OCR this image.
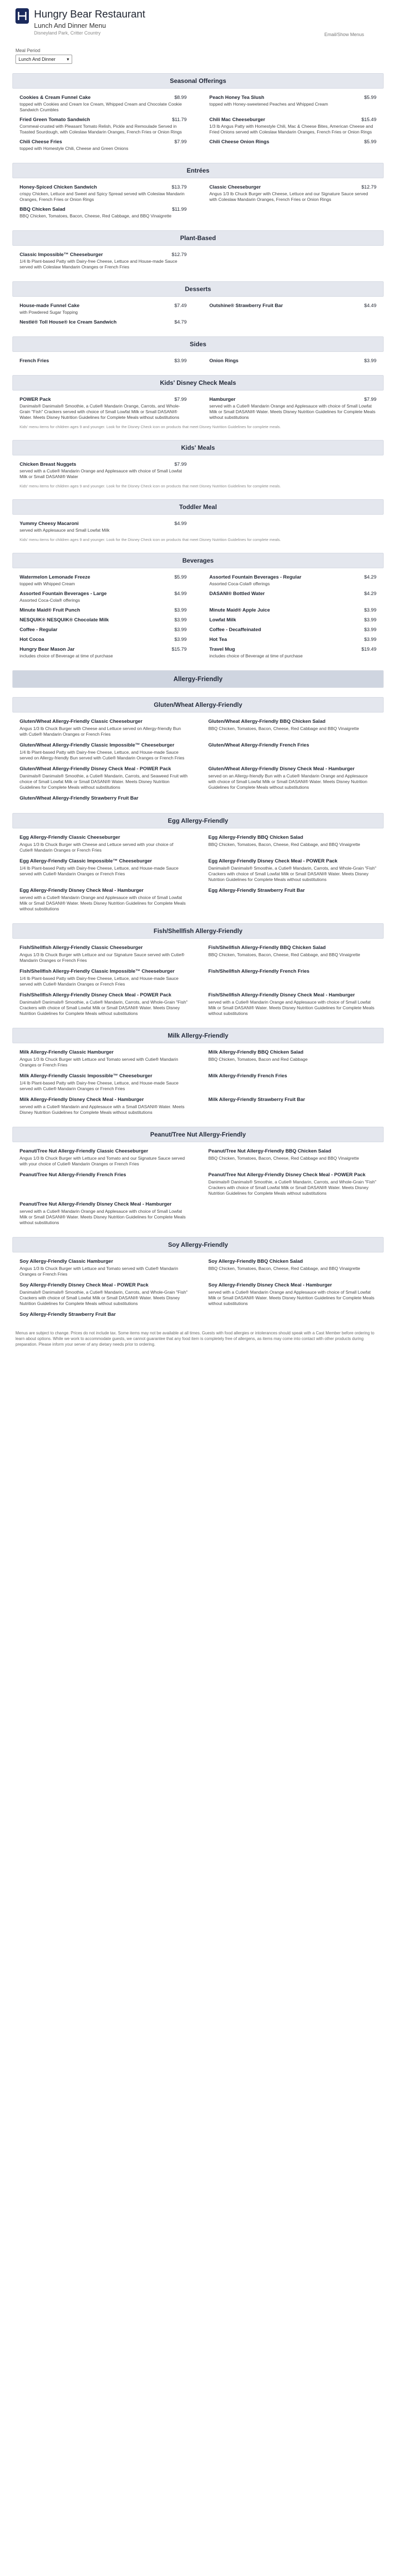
Hungry Bear Restaurant
Lunch And Dinner Menu
Disneyland Park, Critter Country	Email/Show Menus
Meal Period
Lunch And Dinner ▾
Seasonal Offerings
Cookies & Cream Funnel Cake	$8.99
topped with Cookies and Cream Ice Cream, Whipped Cream and Chocolate Cookie Sandwich Crumbles
Peach Honey Tea Slush	$5.99
topped with Honey-sweetened Peaches and Whipped Cream
Fried Green Tomato Sandwich	$11.79
Cornmeal-crusted with Pleasant Tomato Relish, Pickle and Remoulade Served in Toasted Sourdough, with Coleslaw Mandarin Oranges, French Fries or Onion Rings
Chili Mac Cheeseburger	$15.49
1/3 lb Angus Patty with Homestyle Chili, Mac & Cheese Bites, American Cheese and Fried Onions served with Coleslaw Mandarin Oranges, French Fries or Onion Rings
Chili Cheese Fries	$7.99
topped with Homestyle Chili, Cheese and Green Onions
Chili Cheese Onion Rings	$5.99
Entrées
Honey-Spiced Chicken Sandwich	$13.79
crispy Chicken, Lettuce and Sweet and Spicy Spread served with Coleslaw Mandarin Oranges, French Fries or Onion Rings
Classic Cheeseburger	$12.79
Angus 1/3 lb Chuck Burger with Cheese, Lettuce and our Signature Sauce served with Coleslaw Mandarin Oranges, French Fries or Onion Rings
BBQ Chicken Salad	$11.99
BBQ Chicken, Tomatoes, Bacon, Cheese, Red Cabbage, and BBQ Vinaigrette
Plant-Based
Classic Impossible™ Cheeseburger	$12.79
1/4 lb Plant-based Patty with Dairy-free Cheese, Lettuce and House-made Sauce served with Coleslaw Mandarin Oranges or French Fries
Desserts
House-made Funnel Cake	$7.49
with Powdered Sugar Topping
Outshine® Strawberry Fruit Bar	$4.49
Nestlé® Toll House® Ice Cream Sandwich	$4.79
Sides
French Fries	$3.99	Onion Rings	$3.99
Kids' Disney Check Meals
POWER Pack	$7.99
Danimals® Danimals® Smoothie, a Cutie® Mandarin Orange, Carrots, and Whole-Grain "Fish" Crackers served with choice of Small Lowfat Milk or Small DASANI® Water. Meets Disney Nutrition Guidelines for Complete Meals without substitutions
Hamburger	$7.99
served with a Cutie® Mandarin Orange and Applesauce with choice of Small Lowfat Milk or Small DASANI® Water. Meets Disney Nutrition Guidelines for Complete Meals without substitutions
Kids' menu items for children ages 9 and younger. Look for the Disney Check icon on products that meet Disney Nutrition Guidelines for complete meals.
Kids' Meals
Chicken Breast Nuggets	$7.99
served with a Cutie® Mandarin Orange and Applesauce with choice of Small Lowfat Milk or Small DASANI® Water
Kids' menu items for children ages 9 and younger. Look for the Disney Check icon on products that meet Disney Nutrition Guidelines for complete meals.
Toddler Meal
Yummy Cheesy Macaroni	$4.99
served with Applesauce and Small Lowfat Milk
Kids' menu items for children ages 9 and younger. Look for the Disney Check icon on products that meet Disney Nutrition Guidelines for complete meals.
Beverages
Watermelon Lemonade Freeze	$5.99
topped with Whipped Cream
Assorted Fountain Beverages - Regular	$4.29
Assorted Coca-Cola® offerings
Assorted Fountain Beverages - Large	$4.99
Assorted Coca-Cola® offerings
DASANI® Bottled Water	$4.29
Minute Maid® Fruit Punch	$3.99	Minute Maid® Apple Juice	$3.99
NESQUIK® NESQUIK® Chocolate Milk	$3.99	Lowfat Milk	$3.99
Coffee - Regular	$3.99	Coffee - Decaffeinated	$3.99
Hot Cocoa	$3.99	Hot Tea	$3.99
Hungry Bear Mason Jar	$15.79
includes choice of Beverage at time of purchase
Travel Mug	$19.49
includes choice of Beverage at time of purchase
Allergy-Friendly
Gluten/Wheat Allergy-Friendly
Gluten/Wheat Allergy-Friendly Classic Cheeseburger
Angus 1/3 lb Chuck Burger with Cheese and Lettuce served on Allergy-friendly Bun with Cutie® Mandarin Oranges or French Fries
Gluten/Wheat Allergy-Friendly BBQ Chicken Salad
BBQ Chicken, Tomatoes, Bacon, Cheese, Red Cabbage and BBQ Vinaigrette
Gluten/Wheat Allergy-Friendly Classic Impossible™ Cheeseburger
1/4 lb Plant-based Patty with Dairy-free Cheese, Lettuce, and House-made Sauce served on Allergy-friendly Bun served with Cutie® Mandarin Oranges or French Fries
Gluten/Wheat Allergy-Friendly French Fries
Gluten/Wheat Allergy-Friendly Disney Check Meal - POWER Pack
Danimals® Danimals® Smoothie, a Cutie® Mandarin, Carrots, and Seaweed Fruit with choice of Small Lowfat Milk or Small DASANI® Water. Meets Disney Nutrition Guidelines for Complete Meals without substitutions
Gluten/Wheat Allergy-Friendly Disney Check Meal - Hamburger
served on an Allergy-friendly Bun with a Cutie® Mandarin Orange and Applesauce with choice of Small Lowfat Milk or Small DASANI® Water. Meets Disney Nutrition Guidelines for Complete Meals without substitutions
Gluten/Wheat Allergy-Friendly Strawberry Fruit Bar
Egg Allergy-Friendly
Egg Allergy-Friendly Classic Cheeseburger
Angus 1/3 lb Chuck Burger with Cheese and Lettuce served with your choice of Cutie® Mandarin Oranges or French Fries
Egg Allergy-Friendly BBQ Chicken Salad
BBQ Chicken, Tomatoes, Bacon, Cheese, Red Cabbage, and BBQ Vinaigrette
Egg Allergy-Friendly Classic Impossible™ Cheeseburger
1/4 lb Plant-based Patty with Dairy-free Cheese, Lettuce, and House-made Sauce served with Cutie® Mandarin Oranges or French Fries
Egg Allergy-Friendly Disney Check Meal - POWER Pack
Danimals® Danimals® Smoothie, a Cutie® Mandarin, Carrots, and Whole-Grain "Fish" Crackers with choice of Small Lowfat Milk or Small DASANI® Water. Meets Disney Nutrition Guidelines for Complete Meals without substitutions
Egg Allergy-Friendly Disney Check Meal - Hamburger
served with a Cutie® Mandarin Orange and Applesauce with choice of Small Lowfat Milk or Small DASANI® Water. Meets Disney Nutrition Guidelines for Complete Meals without substitutions
Egg Allergy-Friendly Strawberry Fruit Bar
Fish/Shellfish Allergy-Friendly
Fish/Shellfish Allergy-Friendly Classic Cheeseburger
Angus 1/3 lb Chuck Burger with Lettuce and our Signature Sauce served with Cutie® Mandarin Oranges or French Fries
Fish/Shellfish Allergy-Friendly BBQ Chicken Salad
BBQ Chicken, Tomatoes, Bacon, Cheese, Red Cabbage, and BBQ Vinaigrette
Fish/Shellfish Allergy-Friendly Classic Impossible™ Cheeseburger
1/4 lb Plant-based Patty with Dairy-free Cheese, Lettuce, and House-made Sauce served with Cutie® Mandarin Oranges or French Fries
Fish/Shellfish Allergy-Friendly French Fries
Fish/Shellfish Allergy-Friendly Disney Check Meal - POWER Pack
Danimals® Danimals® Smoothie, a Cutie® Mandarin, Carrots, and Whole-Grain "Fish" Crackers with choice of Small Lowfat Milk or Small DASANI® Water. Meets Disney Nutrition Guidelines for Complete Meals without substitutions
Fish/Shellfish Allergy-Friendly Disney Check Meal - Hamburger
served with a Cutie® Mandarin Orange and Applesauce with choice of Small Lowfat Milk or Small DASANI® Water. Meets Disney Nutrition Guidelines for Complete Meals without substitutions
Milk Allergy-Friendly
Milk Allergy-Friendly Classic Hamburger
Angus 1/3 lb Chuck Burger with Lettuce and Tomato served with Cutie® Mandarin Oranges or French Fries
Milk Allergy-Friendly BBQ Chicken Salad
BBQ Chicken, Tomatoes, Bacon and Red Cabbage
Milk Allergy-Friendly Classic Impossible™ Cheeseburger
1/4 lb Plant-based Patty with Dairy-free Cheese, Lettuce, and House-made Sauce served with Cutie® Mandarin Oranges or French Fries
Milk Allergy-Friendly French Fries
Milk Allergy-Friendly Disney Check Meal - Hamburger
served with a Cutie® Mandarin and Applesauce with a Small DASANI® Water. Meets Disney Nutrition Guidelines for Complete Meals without substitutions
Milk Allergy-Friendly Strawberry Fruit Bar
Peanut/Tree Nut Allergy-Friendly
Peanut/Tree Nut Allergy-Friendly Classic Cheeseburger
Angus 1/3 lb Chuck Burger with Lettuce and Tomato and our Signature Sauce served with your choice of Cutie® Mandarin Oranges or French Fries
Peanut/Tree Nut Allergy-Friendly BBQ Chicken Salad
BBQ Chicken, Tomatoes, Bacon, Cheese, Red Cabbage and BBQ Vinaigrette
Peanut/Tree Nut Allergy-Friendly French Fries	Peanut/Tree Nut Allergy-Friendly Disney Check Meal - POWER Pack
Danimals® Danimals® Smoothie, a Cutie® Mandarin, Carrots, and Whole-Grain "Fish" Crackers with choice of Small Lowfat Milk or Small DASANI® Water. Meets Disney Nutrition Guidelines for Complete Meals without substitutions
Peanut/Tree Nut Allergy-Friendly Disney Check Meal - Hamburger
served with a Cutie® Mandarin Orange and Applesauce with choice of Small Lowfat Milk or Small DASANI® Water. Meets Disney Nutrition Guidelines for Complete Meals without substitutions
Soy Allergy-Friendly
Soy Allergy-Friendly Classic Hamburger
Angus 1/3 lb Chuck Burger with Lettuce and Tomato served with Cutie® Mandarin Oranges or French Fries
Soy Allergy-Friendly BBQ Chicken Salad
BBQ Chicken, Tomatoes, Bacon, Cheese, Red Cabbage, and BBQ Vinaigrette
Soy Allergy-Friendly Disney Check Meal - POWER Pack
Danimals® Danimals® Smoothie, a Cutie® Mandarin, Carrots, and Whole-Grain "Fish" Crackers with choice of Small Lowfat Milk or Small DASANI® Water. Meets Disney Nutrition Guidelines for Complete Meals without substitutions
Soy Allergy-Friendly Disney Check Meal - Hamburger
served with a Cutie® Mandarin Orange and Applesauce with choice of Small Lowfat Milk or Small DASANI® Water. Meets Disney Nutrition Guidelines for Complete Meals without substitutions
Soy Allergy-Friendly Strawberry Fruit Bar
Menus are subject to change. Prices do not include tax. Some items may not be available at all times. Guests with food allergies or intolerances should speak with a Cast Member before ordering to learn about options. While we work to accommodate guests, we cannot guarantee that any food item is completely free of allergens, as items may come into contact with other products during preparation. Please inform your server of any dietary needs prior to ordering.
